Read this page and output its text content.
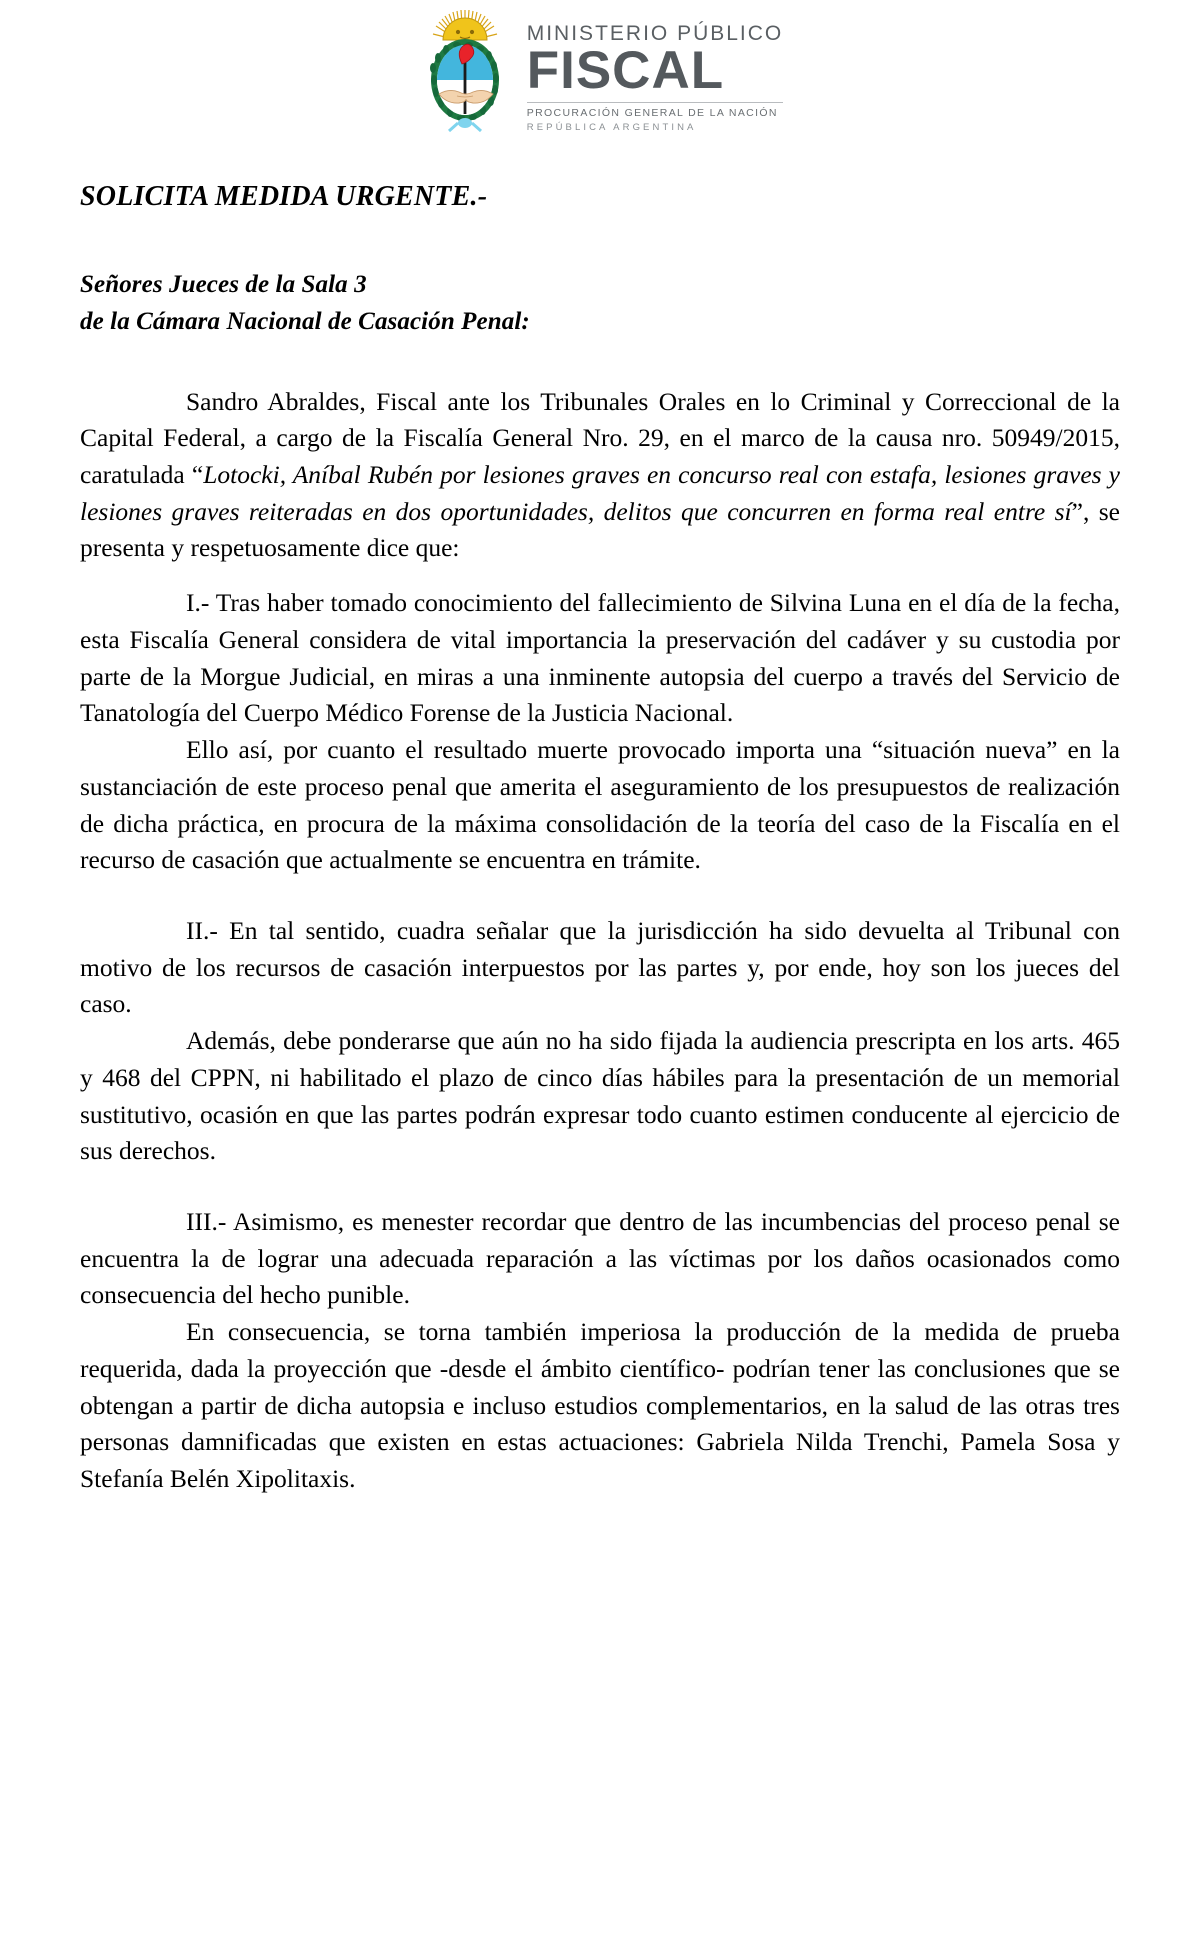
MINISTERIO PÚBLICO
FISCAL
PROCURACIÓN GENERAL DE LA NACIÓN
REPÚBLICA ARGENTINA
SOLICITA MEDIDA URGENTE.-
Señores Jueces de la Sala 3
de la Cámara Nacional de Casación Penal:

Sandro Abraldes, Fiscal ante los Tribunales Orales en lo Criminal y Correccional de la Capital Federal, a cargo de la Fiscalía General Nro. 29, en el marco de la causa nro. 50949/2015, caratulada “Lotocki, Aníbal Rubén por lesiones graves en concurso real con estafa, lesiones graves y lesiones graves reiteradas en dos oportunidades, delitos que concurren en forma real entre sí”, se presenta y respetuosamente dice que:

I.- Tras haber tomado conocimiento del fallecimiento de Silvina Luna en el día de la fecha, esta Fiscalía General considera de vital importancia la preservación del cadáver y su custodia por parte de la Morgue Judicial, en miras a una inminente autopsia del cuerpo a través del Servicio de Tanatología del Cuerpo Médico Forense de la Justicia Nacional.

Ello así, por cuanto el resultado muerte provocado importa una “situación nueva” en la sustanciación de este proceso penal que amerita el aseguramiento de los presupuestos de realización de dicha práctica, en procura de la máxima consolidación de la teoría del caso de la Fiscalía en el recurso de casación que actualmente se encuentra en trámite.

II.- En tal sentido, cuadra señalar que la jurisdicción ha sido devuelta al Tribunal con motivo de los recursos de casación interpuestos por las partes y, por ende, hoy son los jueces del caso.

Además, debe ponderarse que aún no ha sido fijada la audiencia prescripta en los arts. 465 y 468 del CPPN, ni habilitado el plazo de cinco días hábiles para la presentación de un memorial sustitutivo, ocasión en que las partes podrán expresar todo cuanto estimen conducente al ejercicio de sus derechos.

III.- Asimismo, es menester recordar que dentro de las incumbencias del proceso penal se encuentra la de lograr una adecuada reparación a las víctimas por los daños ocasionados como consecuencia del hecho punible.

En consecuencia, se torna también imperiosa la producción de la medida de prueba requerida, dada la proyección que -desde el ámbito científico- podrían tener las conclusiones que se obtengan a partir de dicha autopsia e incluso estudios complementarios, en la salud de las otras tres personas damnificadas que existen en estas actuaciones: Gabriela Nilda Trenchi, Pamela Sosa y Stefanía Belén Xipolitaxis.
